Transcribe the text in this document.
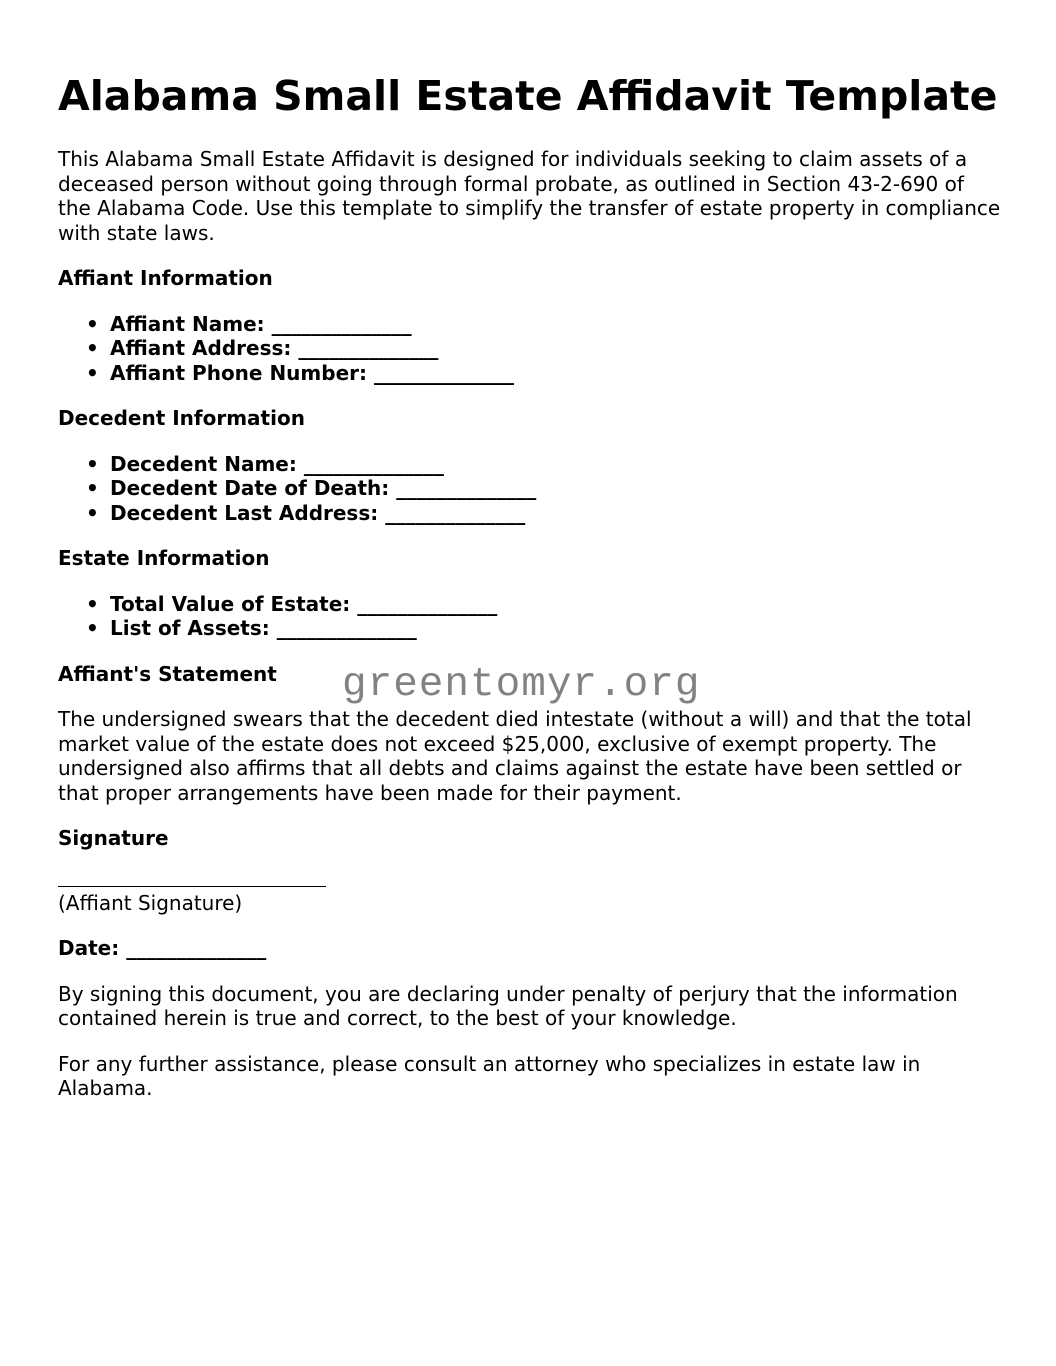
Alabama Small Estate Affidavit Template

This Alabama Small Estate Affidavit is designed for individuals seeking to claim assets of a deceased person without going through formal probate, as outlined in Section 43-2-690 of the Alabama Code. Use this template to simplify the transfer of estate property in compliance with state laws.

Affiant Information
• Affiant Name: ______________
• Affiant Address: ______________
• Affiant Phone Number: ______________
Decedent Information
• Decedent Name: ______________
• Decedent Date of Death: ______________
• Decedent Last Address: ______________
Estate Information
• Total Value of Estate: ______________
• List of Assets: ______________
Affiant's Statement

The undersigned swears that the decedent died intestate (without a will) and that the total market value of the estate does not exceed $25,000, exclusive of exempt property. The undersigned also affirms that all debts and claims against the estate have been settled or that proper arrangements have been made for their payment.

Signature
(Affiant Signature)
Date: ______________

By signing this document, you are declaring under penalty of perjury that the information contained herein is true and correct, to the best of your knowledge.

For any further assistance, please consult an attorney who specializes in estate law in Alabama.

greentomyr.org
